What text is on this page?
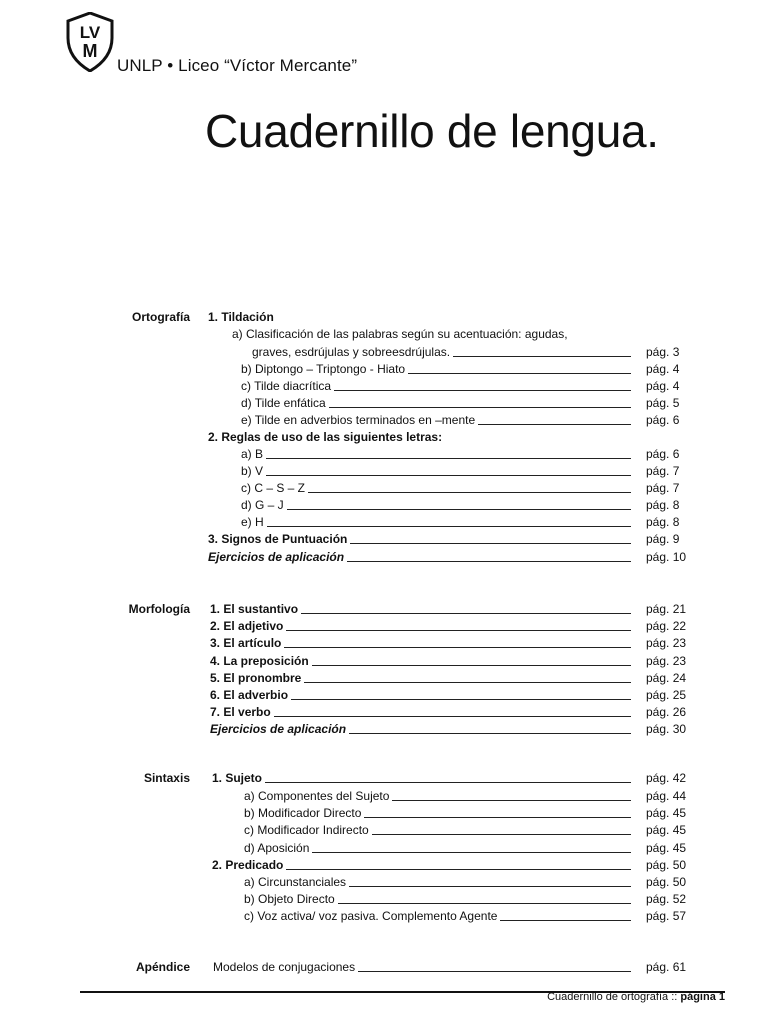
LV
M
UNLP • Liceo “Víctor Mercante”
Cuadernillo de lengua.
Ortografía 1. Tildación
a) Clasificación de las palabras según su acentuación: agudas,
graves, esdrújulas y sobreesdrújulas.	pág. 3
b) Diptongo – Triptongo - Hiato	pág. 4
c) Tilde diacrítica	pág. 4
d) Tilde enfática	pág. 5
e) Tilde en adverbios terminados en –mente	pág. 6
2. Reglas de uso de las siguientes letras:
a) B	pág. 6
b) V	pág. 7
c) C – S – Z	pág. 7
d) G – J	pág. 8
e) H	pág. 8
3. Signos de Puntuación	pág. 9
Ejercicios de aplicación	pág. 10
Morfología 1. El sustantivo	pág. 21
2. El adjetivo	pág. 22
3. El artículo	pág. 23
4. La preposición	pág. 23
5. El pronombre	pág. 24
6. El adverbio	pág. 25
7. El verbo	pág. 26
Ejercicios de aplicación	pág. 30
Sintaxis 1. Sujeto	pág. 42
a) Componentes del Sujeto	pág. 44
b) Modificador Directo	pág. 45
c) Modificador Indirecto	pág. 45
d) Aposición	pág. 45
2. Predicado	pág. 50
a) Circunstanciales	pág. 50
b) Objeto Directo	pág. 52
c) Voz activa/ voz pasiva. Complemento Agente	pág. 57
Apéndice Modelos de conjugaciones	pág. 61
Cuadernillo de ortografía :: página 1
